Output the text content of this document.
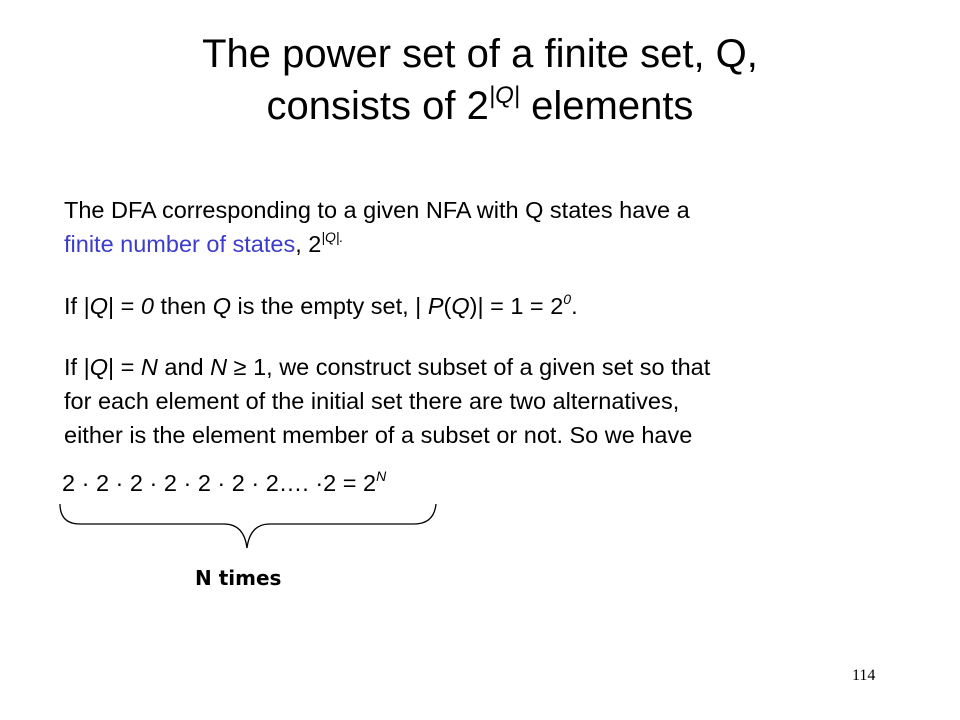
The power set of a finite set, Q,
consists of $2^{|Q|}$ elements
The DFA corresponding to a given NFA with Q states have a
finite number of states, $2^{|Q|.}$
If |Q| = 0 then Q is the empty set, | $P(Q)| = 1 = 2^0$.
If |Q| = N and N ≥ 1, we construct subset of a given set so that
for each element of the initial set there are two alternatives,
either is the element member of a subset or not. So we have
2 · 2 · 2 · 2 · 2 · 2 · 2…. $\cdot 2 = 2^N$
N times
114
